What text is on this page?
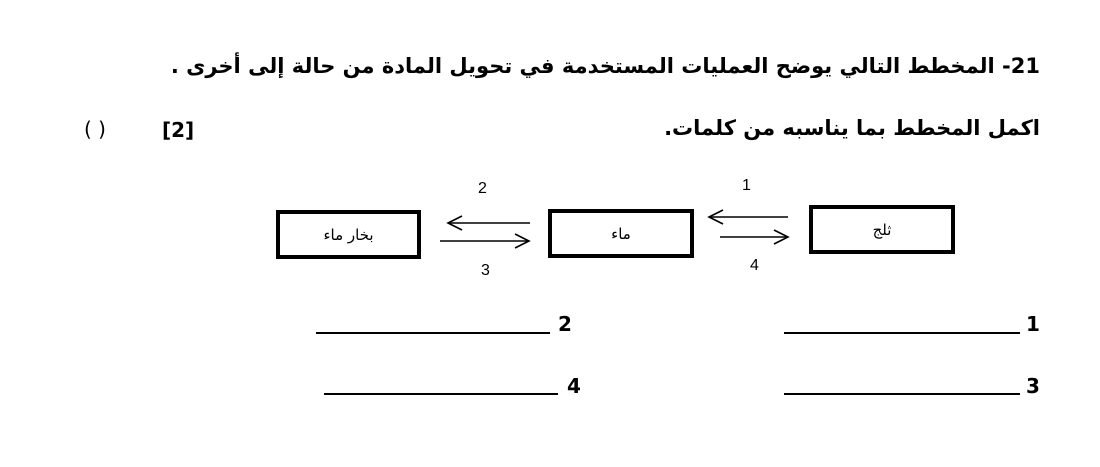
21- المخطط التالي يوضح العمليات المستخدمة في تحويل المادة من حالة إلى أخرى .
اكمل المخطط بما يناسبه من كلمات.
[2]
( )
بخار ماء	ماء	ثلج
2
3
1
4
1
2
3
4
